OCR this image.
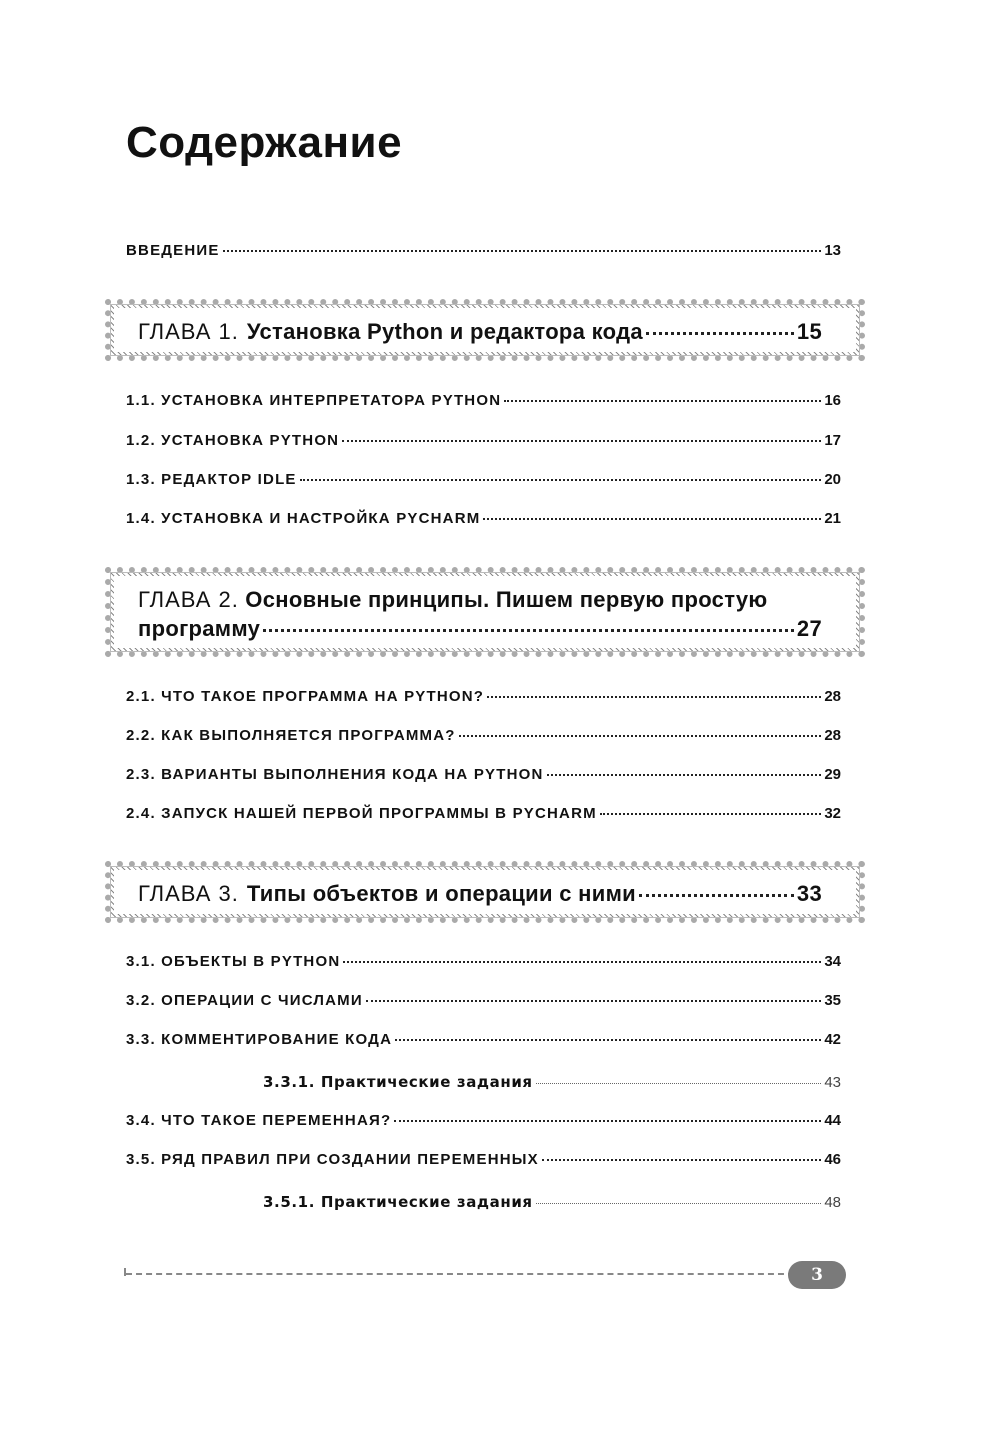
Содержание
ВВЕДЕНИЕ	13
ГЛАВА 1. Установка Python и редактора кода	15
1.1. УСТАНОВКА ИНТЕРПРЕТАТОРА PYTHON	16
1.2. УСТАНОВКА PYTHON	17
1.3. РЕДАКТОР IDLE	20
1.4. УСТАНОВКА И НАСТРОЙКА PYCHARM	21
ГЛАВА 2. Основные принципы. Пишем первую простую
программу	27
2.1. ЧТО ТАКОЕ ПРОГРАММА НА PYTHON?	28
2.2. КАК ВЫПОЛНЯЕТСЯ ПРОГРАММА?	28
2.3. ВАРИАНТЫ ВЫПОЛНЕНИЯ КОДА НА PYTHON	29
2.4. ЗАПУСК НАШЕЙ ПЕРВОЙ ПРОГРАММЫ В PYCHARM	32
ГЛАВА 3. Типы объектов и операции с ними	33
3.1. ОБЪЕКТЫ В PYTHON	34
3.2. ОПЕРАЦИИ С ЧИСЛАМИ	35
3.3. КОММЕНТИРОВАНИЕ КОДА	42
3.3.1. Практические задания	43
3.4. ЧТО ТАКОЕ ПЕРЕМЕННАЯ?	44
3.5. РЯД ПРАВИЛ ПРИ СОЗДАНИИ ПЕРЕМЕННЫХ	46
3.5.1. Практические задания	48
3
